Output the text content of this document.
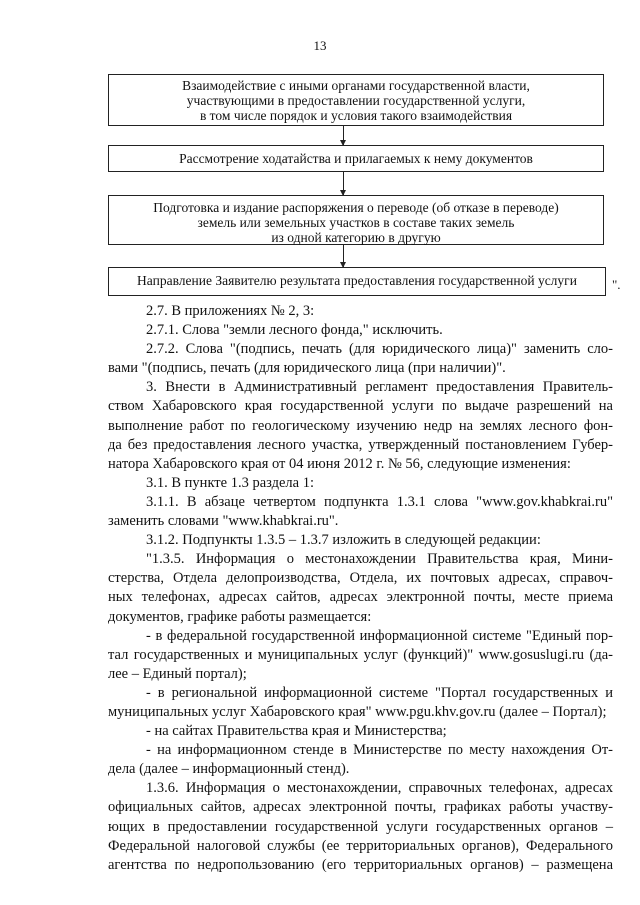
13
Взаимодействие с иными органами государственной власти,
участвующими в предоставлении государственной услуги,
в том числе порядок и условия такого взаимодействия
Рассмотрение ходатайства и прилагаемых к нему документов
Подготовка и издание распоряжения о переводе (об отказе в переводе)
земель или земельных участков в составе таких земель
из одной категорию в другую
Направление Заявителю результата предоставления государственной услуги	".

2.7. В приложениях № 2, 3:

2.7.1. Слова "земли лесного фонда," исключить.

2.7.2. Слова "(подпись, печать (для юридического лица)" заменить сло-
вами "(подпись, печать (для юридического лица (при наличии)".

3. Внести в Административный регламент предоставления Правитель-
ством Хабаровского края государственной услуги по выдаче разрешений на
выполнение работ по геологическому изучению недр на землях лесного фон-
да без предоставления лесного участка, утвержденный постановлением Губер-
натора Хабаровского края от 04 июня 2012 г. № 56, следующие изменения:

3.1. В пункте 1.3 раздела 1:

3.1.1. В абзаце четвертом подпункта 1.3.1 слова "www.gov.khabkrai.ru"
заменить словами "www.khabkrai.ru".

3.1.2. Подпункты 1.3.5 – 1.3.7 изложить в следующей редакции:

"1.3.5. Информация о местонахождении Правительства края, Мини-
стерства, Отдела делопроизводства, Отдела, их почтовых адресах, справоч-
ных телефонах, адресах сайтов, адресах электронной почты, месте приема
документов, графике работы размещается:

- в федеральной государственной информационной системе "Единый пор-
тал государственных и муниципальных услуг (функций)" www.gosuslugi.ru (да-
лее – Единый портал);

- в региональной информационной системе "Портал государственных и
муниципальных услуг Хабаровского края" www.pgu.khv.gov.ru (далее – Портал);

- на сайтах Правительства края и Министерства;

- на информационном стенде в Министерстве по месту нахождения От-
дела (далее – информационный стенд).

1.3.6. Информация о местонахождении, справочных телефонах, адресах
официальных сайтов, адресах электронной почты, графиках работы участву-
ющих в предоставлении государственной услуги государственных органов –
Федеральной налоговой службы (ее территориальных органов), Федерального
агентства по недропользованию (его территориальных органов) – размещена
